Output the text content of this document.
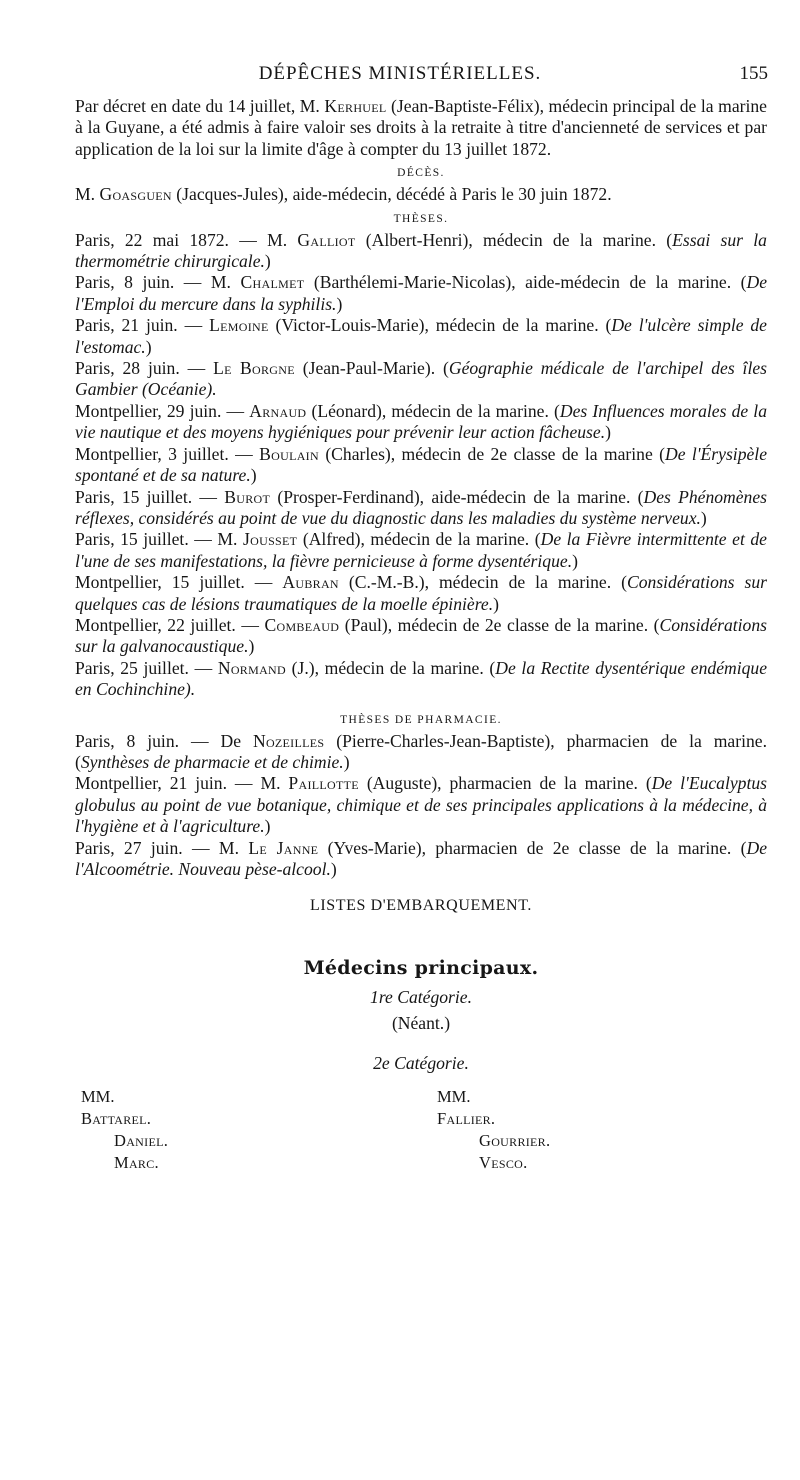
DÉPÊCHES MINISTÉRIELLES.	155

Par décret en date du 14 juillet, M. Kerhuel (Jean-Baptiste-Félix), médecin principal de la marine à la Guyane, a été admis à faire valoir ses droits à la retraite à titre d'ancienneté de services et par application de la loi sur la limite d'âge à compter du 13 juillet 1872.

DÉCÈS.

M. Goasguen (Jacques-Jules), aide-médecin, décédé à Paris le 30 juin 1872.

THÈSES.

Paris, 22 mai 1872. — M. Galliot (Albert-Henri), médecin de la marine. (Essai sur la thermométrie chirurgicale.)

Paris, 8 juin. — M. Chalmet (Barthélemi-Marie-Nicolas), aide-médecin de la marine. (De l'Emploi du mercure dans la syphilis.)

Paris, 21 juin. — Lemoine (Victor-Louis-Marie), médecin de la marine. (De l'ulcère simple de l'estomac.)

Paris, 28 juin. — Le Borgne (Jean-Paul-Marie). (Géographie médicale de l'archipel des îles Gambier (Océanie).

Montpellier, 29 juin. — Arnaud (Léonard), médecin de la marine. (Des Influences morales de la vie nautique et des moyens hygiéniques pour prévenir leur action fâcheuse.)

Montpellier, 3 juillet. — Boulain (Charles), médecin de 2e classe de la marine (De l'Érysipèle spontané et de sa nature.)

Paris, 15 juillet. — Burot (Prosper-Ferdinand), aide-médecin de la marine. (Des Phénomènes réflexes, considérés au point de vue du diagnostic dans les maladies du système nerveux.)

Paris, 15 juillet. — M. Jousset (Alfred), médecin de la marine. (De la Fièvre intermittente et de l'une de ses manifestations, la fièvre pernicieuse à forme dysentérique.)

Montpellier, 15 juillet. — Aubran (C.-M.-B.), médecin de la marine. (Considérations sur quelques cas de lésions traumatiques de la moelle épinière.)

Montpellier, 22 juillet. — Combeaud (Paul), médecin de 2e classe de la marine. (Considérations sur la galvanocaustique.)

Paris, 25 juillet. — Normand (J.), médecin de la marine. (De la Rectite dysentérique endémique en Cochinchine).

THÈSES DE PHARMACIE.

Paris, 8 juin. — De Nozeilles (Pierre-Charles-Jean-Baptiste), pharmacien de la marine. (Synthèses de pharmacie et de chimie.)

Montpellier, 21 juin. — M. Paillotte (Auguste), pharmacien de la marine. (De l'Eucalyptus globulus au point de vue botanique, chimique et de ses principales applications à la médecine, à l'hygiène et à l'agriculture.)

Paris, 27 juin. — M. Le Janne (Yves-Marie), pharmacien de 2e classe de la marine. (De l'Alcoométrie. Nouveau pèse-alcool.)

LISTES D'EMBARQUEMENT.
Médecins principaux.
1re Catégorie.
(Néant.)
2e Catégorie.
MM.
Battarel.
Daniel.
Marc.
MM.
Fallier.
Gourrier.
Vesco.
